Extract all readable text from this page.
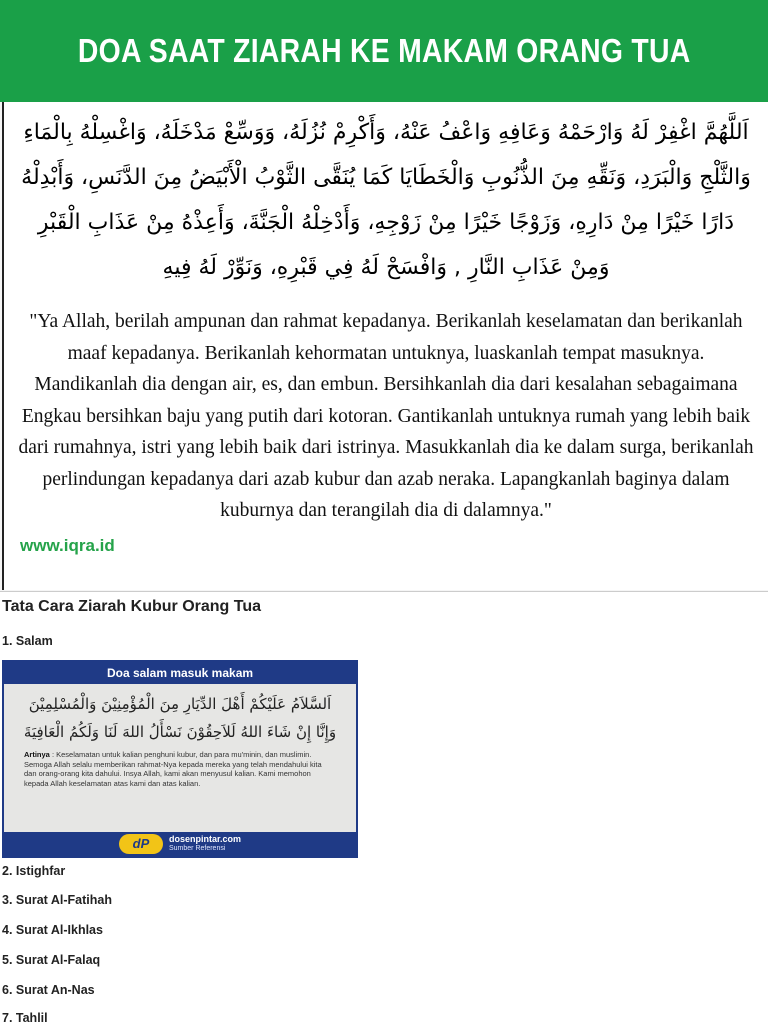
DOA SAAT ZIARAH KE MAKAM ORANG TUA

اَللَّهُمَّ اغْفِرْ لَهُ وَارْحَمْهُ وَعَافِهِ وَاعْفُ عَنْهُ، وَأَكْرِمْ نُزُلَهُ، وَوَسِّعْ مَدْخَلَهُ، وَاغْسِلْهُ بِالْمَاءِ وَالثَّلْجِ وَالْبَرَدِ، وَنَقِّهِ مِنَ الذُّنُوبِ وَالْخَطَايَا كَمَا يُنَقَّى الثَّوْبُ الْأَبْيَضُ مِنَ الدَّنَسِ، وَأَبْدِلْهُ دَارًا خَيْرًا مِنْ دَارِهِ، وَزَوْجًا خَيْرًا مِنْ زَوْجِهِ، وَأَدْخِلْهُ الْجَنَّةَ، وَأَعِذْهُ مِنْ عَذَابِ الْقَبْرِ وَمِنْ عَذَابِ النَّارِ , وَافْسَحْ لَهُ فِي قَبْرِهِ، وَنَوِّرْ لَهُ فِيهِ

"Ya Allah, berilah ampunan dan rahmat kepadanya. Berikanlah keselamatan dan berikanlah maaf kepadanya. Berikanlah kehormatan untuknya, luaskanlah tempat masuknya. Mandikanlah dia dengan air, es, dan embun. Bersihkanlah dia dari kesalahan sebagaimana Engkau bersihkan baju yang putih dari kotoran. Gantikanlah untuknya rumah yang lebih baik dari rumahnya, istri yang lebih baik dari istrinya. Masukkanlah dia ke dalam surga, berikanlah perlindungan kepadanya dari azab kubur dan azab neraka. Lapangkanlah baginya dalam kuburnya dan terangilah dia di dalamnya."

www.iqra.id
Tata Cara Ziarah Kubur Orang Tua

1. Salam

Doa salam masuk makam

اَلسَّلاَمُ عَلَيْكُمْ أَهْلَ الدِّيَارِ مِنَ الْمُؤْمِنِيْنَ وَالْمُسْلِمِيْنَ وَإِنَّا إِنْ شَاءَ اللهُ لَلاَحِقُوْنَ نَسْأَلُ اللهَ لَنَا وَلَكُمُ الْعَافِيَةَ

Artinya : Keselamatan untuk kalian penghuni kubur, dan para mu'minin, dan muslimin. Semoga Allah selalu memberikan rahmat-Nya kepada mereka yang telah mendahului kita dan orang-orang kita dahului. Insya Allah, kami akan menyusul kalian. Kami memohon kepada Allah keselamatan atas kami dan atas kalian.

dP	dosenpintar.com
Sumber Referensi

2. Istighfar

3. Surat Al-Fatihah

4. Surat Al-Ikhlas

5. Surat Al-Falaq

6. Surat An-Nas

7. Tahlil
